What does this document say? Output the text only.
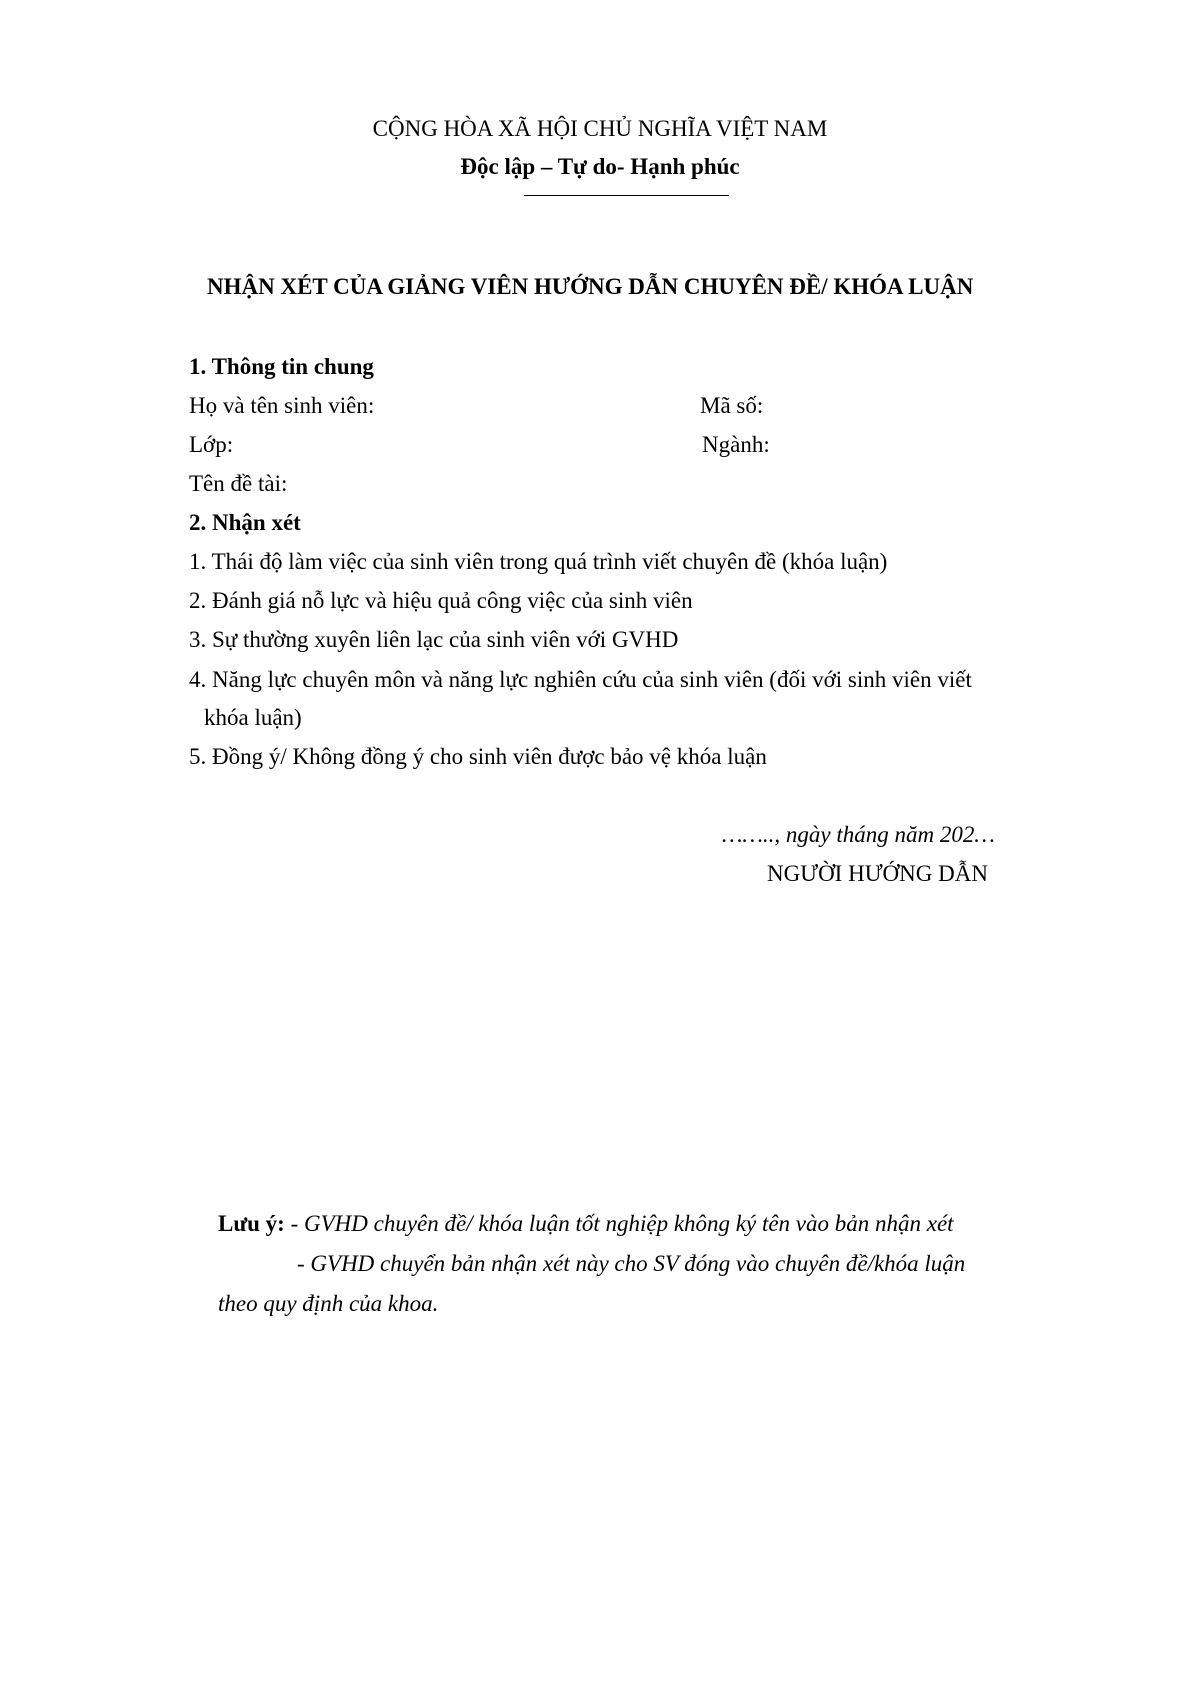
CỘNG HÒA XÃ HỘI CHỦ NGHĨA VIỆT NAM
Độc lập – Tự do- Hạnh phúc
NHẬN XÉT CỦA GIẢNG VIÊN HƯỚNG DẪN CHUYÊN ĐỀ/ KHÓA LUẬN
1. Thông tin chung
Họ và tên sinh viên:	Mã số:
Lớp:	Ngành:
Tên đề tài:
2. Nhận xét
1. Thái độ làm việc của sinh viên trong quá trình viết chuyên đề (khóa luận)
2. Đánh giá nỗ lực và hiệu quả công việc của sinh viên
3. Sự thường xuyên liên lạc của sinh viên với GVHD
4. Năng lực chuyên môn và năng lực nghiên cứu của sinh viên (đối với sinh viên viết
khóa luận)
5. Đồng ý/ Không đồng ý cho sinh viên được bảo vệ khóa luận
…….., ngày tháng năm 202…
NGƯỜI HƯỚNG DẪN
Lưu ý: - GVHD chuyên đề/ khóa luận tốt nghiệp không ký tên vào bản nhận xét
- GVHD chuyển bản nhận xét này cho SV đóng vào chuyên đề/khóa luận
theo quy định của khoa.
